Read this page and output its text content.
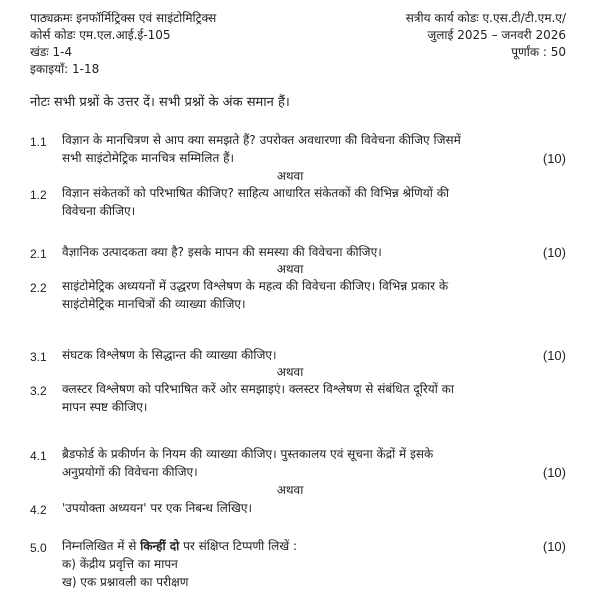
पाठ्यक्रमः इनफॉर्मिट्रिक्स एवं साइंटोमिट्रिक्स
कोर्स कोडः एम.एल.आई.ई-105
खंडः 1-4
इकाइयाँ: 1-18
सत्रीय कार्य कोडः ए.एस.टी/टी.एम.ए/
जुलाई 2025 – जनवरी 2026
पूर्णांक : 50
नोटः सभी प्रश्नों के उत्तर दें। सभी प्रश्नों के अंक समान हैं।
1.1 विज्ञान के मानचित्रण से आप क्या समझते हैं? उपरोक्त अवधारणा की विवेचना कीजिए जिसमें
सभी साइंटोमेट्रिक मानचित्र सम्मिलित हैं।	(10)
अथवा
1.2 विज्ञान संकेतकों को परिभाषित कीजिए? साहित्य आधारित संकेतकों की विभिन्न श्रेणियों की
विवेचना कीजिए।
2.1 वैज्ञानिक उत्पादकता क्या है? इसके मापन की समस्या की विवेचना कीजिए।	(10)
अथवा
2.2 साइंटोमेट्रिक अध्ययनों में उद्धरण विश्लेषण के महत्व की विवेचना कीजिए। विभिन्न प्रकार के
साइंटोमेट्रिक मानचित्रों की व्याख्या कीजिए।
3.1 संघटक विश्लेषण के सिद्धान्त की व्याख्या कीजिए।	(10)
अथवा
3.2 क्लस्टर विश्लेषण को परिभाषित करें ओर समझाइएं। क्लस्टर विश्लेषण से संबंधित दूरियों का
मापन स्पष्ट कीजिए।
4.1 ब्रैडफोर्ड के प्रकीर्णन के नियम की व्याख्या कीजिए। पुस्तकालय एवं सूचना केंद्रों में इसके
अनुप्रयोगों की विवेचना कीजिए।	(10)
अथवा
4.2 'उपयोक्ता अध्ययन' पर एक निबन्ध लिखिए।
5.0 निम्नलिखित में से किन्हीं दो पर संक्षिप्त टिप्पणी लिखें :	(10)
क) केंद्रीय प्रवृत्ति का मापन
ख) एक प्रश्नावली का परीक्षण
